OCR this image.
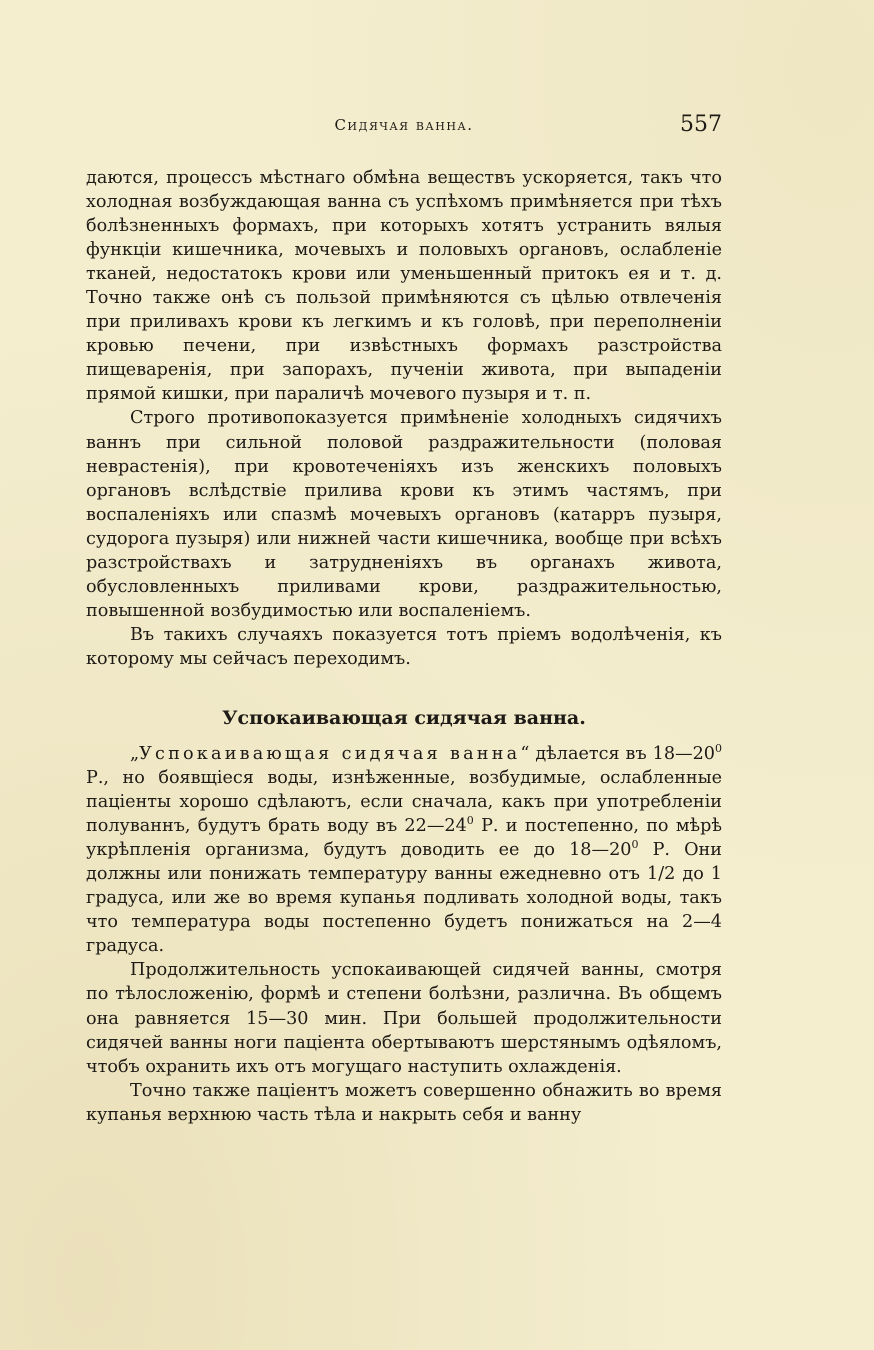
Сидячая ванна.	557

даются, процессъ мѣстнаго обмѣна веществъ ускоряется, такъ что холодная возбуждающая ванна съ успѣхомъ примѣняется при тѣхъ болѣзненныхъ формахъ, при которыхъ хотятъ устранить вялыя функціи кишечника, мочевыхъ и половыхъ органовъ, ослабленіе тканей, недостатокъ крови или уменьшенный притокъ ея и т. д. Точно также онѣ съ пользой примѣняются съ цѣлью отвлеченія при приливахъ крови къ легкимъ и къ головѣ, при переполненіи кровью печени, при извѣстныхъ формахъ разстройства пищеваренія, при запорахъ, пученіи живота, при выпаденіи прямой кишки, при параличѣ мочевого пузыря и т. п.

Строго противопоказуется примѣненіе холодныхъ сидячихъ ваннъ при сильной половой раздражительности (половая неврастенія), при кровотеченіяхъ изъ женскихъ половыхъ органовъ вслѣдствіе прилива крови къ этимъ частямъ, при воспаленіяхъ или спазмѣ мочевыхъ органовъ (катарръ пузыря, судорога пузыря) или нижней части кишечника, вообще при всѣхъ разстройствахъ и затрудненіяхъ въ органахъ живота, обусловленныхъ приливами крови, раздражительностью, повышенной возбудимостью или воспаленіемъ.

Въ такихъ случаяхъ показуется тотъ пріемъ водолѣченія, къ которому мы сейчасъ переходимъ.

Успокаивающая сидячая ванна.

„Успокаивающая сидячая ванна“ дѣлается въ $18—20^0$ Р., но боявщіеся воды, изнѣженные, возбудимые, ослабленные паціенты хорошо сдѣлаютъ, если сначала, какъ при употребленіи полуваннъ, будутъ брать воду въ $22—24^0$ Р. и постепенно, по мѣрѣ укрѣпленія организма, будутъ доводить ее до $18—20^0$ Р. Они должны или понижать температуру ванны ежедневно отъ 1/2 до 1 градуса, или же во время купанья подливать холодной воды, такъ что температура воды постепенно будетъ понижаться на 2—4 градуса.

Продолжительность успокаивающей сидячей ванны, смотря по тѣлосложенію, формѣ и степени болѣзни, различна. Въ общемъ она равняется 15—30 мин. При большей продолжительности сидячей ванны ноги паціента обертываютъ шерстянымъ одѣяломъ, чтобъ охранить ихъ отъ могущаго наступить охлажденія.

Точно также паціентъ можетъ совершенно обнажить во время купанья верхнюю часть тѣла и накрыть себя и ванну
